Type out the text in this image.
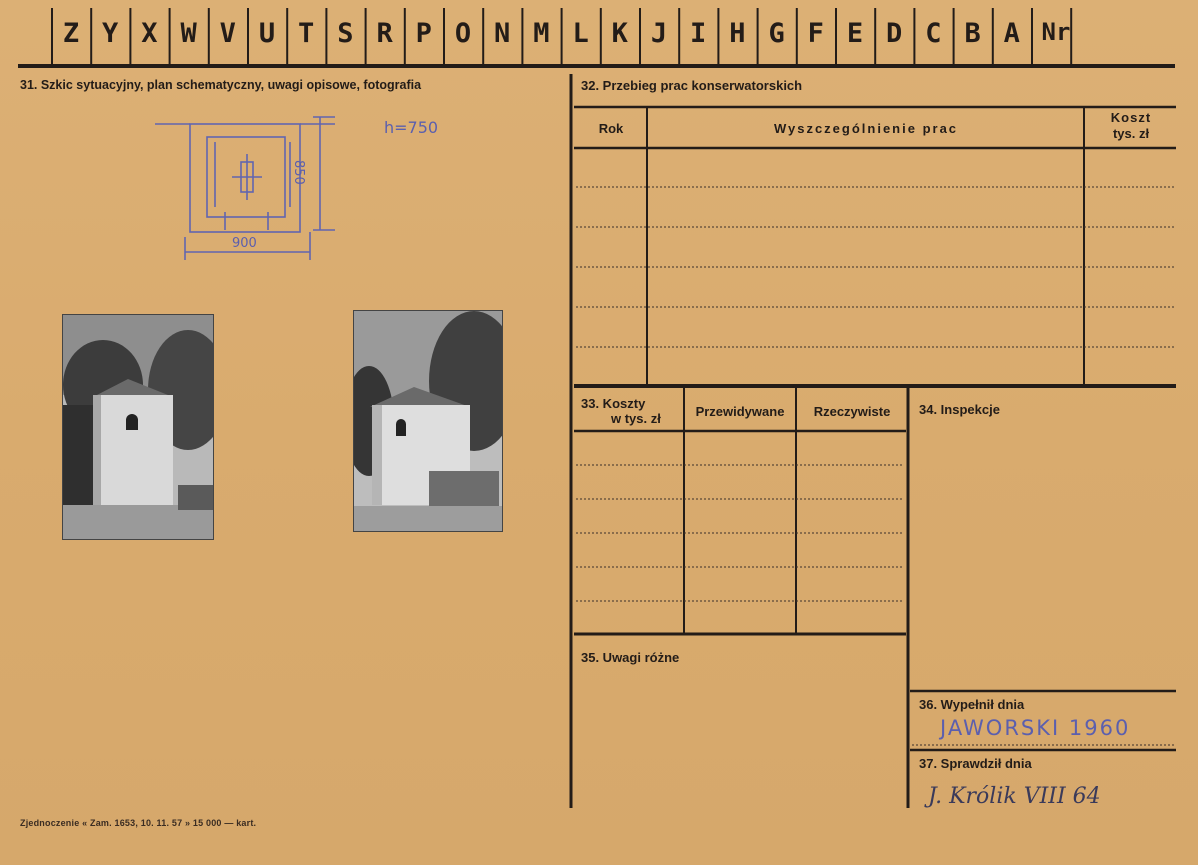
Z Y X W V U T S R P O N M L K J I H G F E D C B A Nr
31. Szkic sytuacyjny, plan schematyczny, uwagi opisowe, fotografia	32. Przebieg prac konserwatorskich
Rok	Wyszczególnienie prac
Koszt
tys. zł
33. Koszty
w tys. zł	Przewidywane	Rzeczywiste	34. Inspekcje
35. Uwagi różne
36. Wypełnił dnia
37. Sprawdził dnia
JAWORSKI 1960
J. Królik VIII 64
900
850
h=750
Zjednoczenie « Zam. 1653, 10. 11. 57 » 15 000 — kart.
